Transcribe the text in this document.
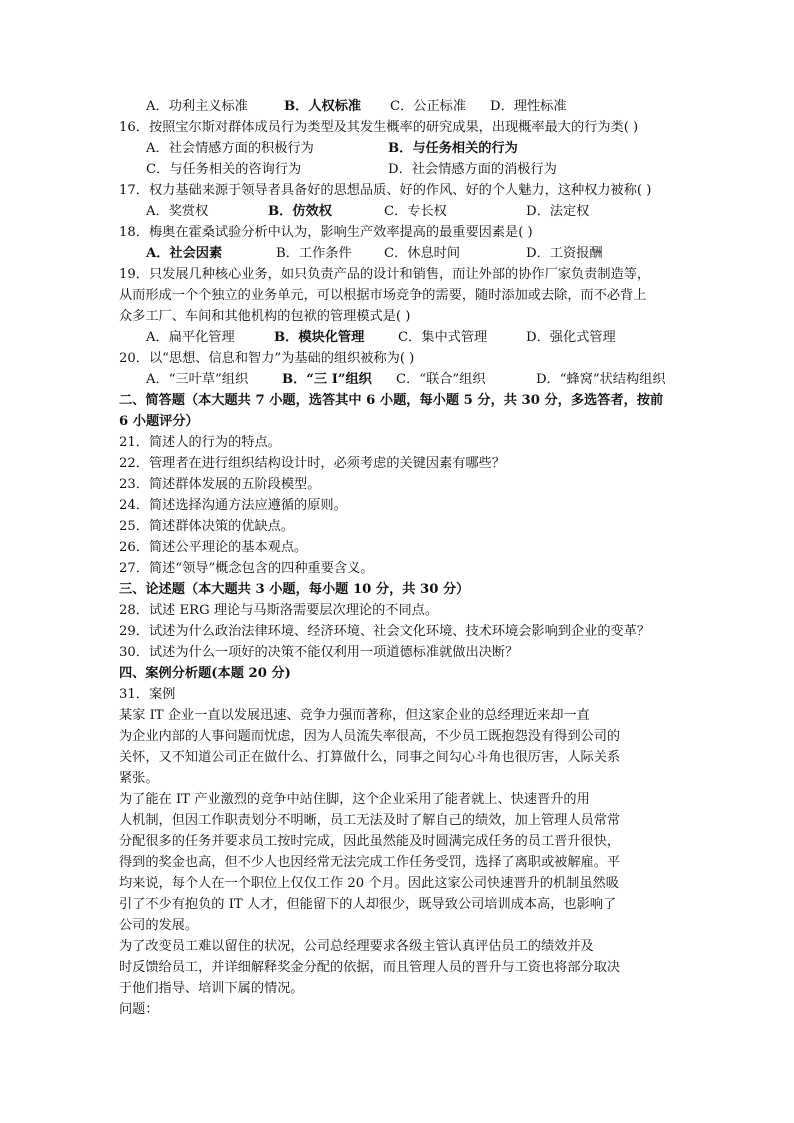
A．功利主义标准	B．人权标准 C．公正标准 D．理性标准
16．按照宝尔斯对群体成员行为类型及其发生概率的研究成果，出现概率最大的行为类( )
A．社会情感方面的积极行为	B．与任务相关的行为
C．与任务相关的咨询行为	D．社会情感方面的消极行为
17．权力基础来源于领导者具备好的思想品质、好的作风、好的个人魅力，这种权力被称( )
A．奖赏权	B．仿效权	C．专长权	D．法定权
18．梅奥在霍桑试验分析中认为，影响生产效率提高的最重要因素是( )
A．社会因素	B．工作条件 C．休息时间	D．工资报酬
19．只发展几种核心业务，如只负责产品的设计和销售，而让外部的协作厂家负责制造等，
从而形成一个个独立的业务单元，可以根据市场竞争的需要，随时添加或去除，而不必背上
众多工厂、车间和其他机构的包袱的管理模式是( )
A．扁平化管理	B．模块化管理	C．集中式管理	D．强化式管理
20．以“思想、信息和智力”为基础的组织被称为( )
A．“三叶草”组织	B．“三 I”组织 C．“联合”组织	D．“蜂窝”状结构组织
二、简答题（本大题共 7 小题，选答其中 6 小题，每小题 5 分，共 30 分，多选答者，按前
6 小题评分）
21．简述人的行为的特点。
22．管理者在进行组织结构设计时，必须考虑的关键因素有哪些？
23．简述群体发展的五阶段模型。
24．简述选择沟通方法应遵循的原则。
25．简述群体决策的优缺点。
26．简述公平理论的基本观点。
27．简述“领导”概念包含的四种重要含义。
三、论述题（本大题共 3 小题，每小题 10 分，共 30 分）
28．试述 ERG 理论与马斯洛需要层次理论的不同点。
29．试述为什么政治法律环境、经济环境、社会文化环境、技术环境会影响到企业的变革？
30．试述为什么一项好的决策不能仅利用一项道德标准就做出决断？
四、案例分析题(本题 20 分)
31．案例
某家 IT 企业一直以发展迅速、竞争力强而著称，但这家企业的总经理近来却一直
为企业内部的人事问题而忧虑，因为人员流失率很高，不少员工既抱怨没有得到公司的
关怀，又不知道公司正在做什么、打算做什么，同事之间勾心斗角也很厉害，人际关系
紧张。
为了能在 IT 产业激烈的竞争中站住脚，这个企业采用了能者就上、快速晋升的用
人机制，但因工作职责划分不明晰，员工无法及时了解自己的绩效，加上管理人员常常
分配很多的任务并要求员工按时完成，因此虽然能及时圆满完成任务的员工晋升很快，
得到的奖金也高，但不少人也因经常无法完成工作任务受罚，选择了离职或被解雇。平
均来说，每个人在一个职位上仅仅工作 20 个月。因此这家公司快速晋升的机制虽然吸
引了不少有抱负的 IT 人才，但能留下的人却很少，既导致公司培训成本高，也影响了
公司的发展。
为了改变员工难以留住的状况，公司总经理要求各级主管认真评估员工的绩效并及
时反馈给员工，并详细解释奖金分配的依据，而且管理人员的晋升与工资也将部分取决
于他们指导、培训下属的情况。
问题：
